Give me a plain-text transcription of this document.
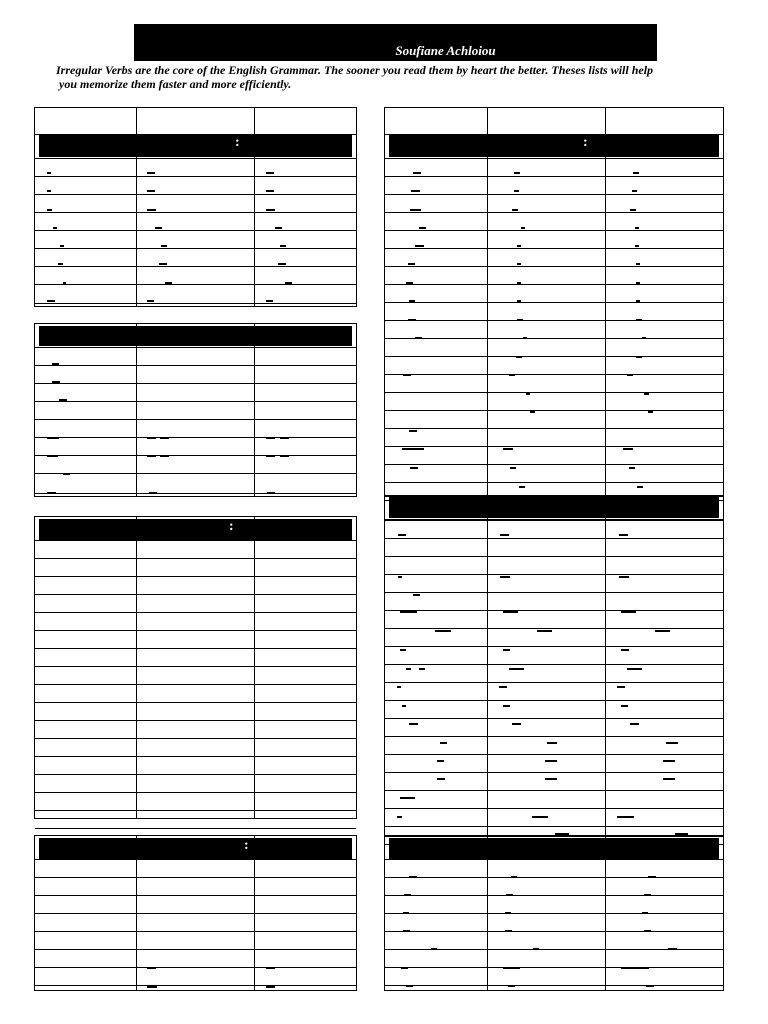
Soufiane Achloiou
Irregular Verbs are the core of the English Grammar. The sooner you read them by heart the better. Theses lists will help
you memorize them faster and more efficiently.
:
:
:
:
